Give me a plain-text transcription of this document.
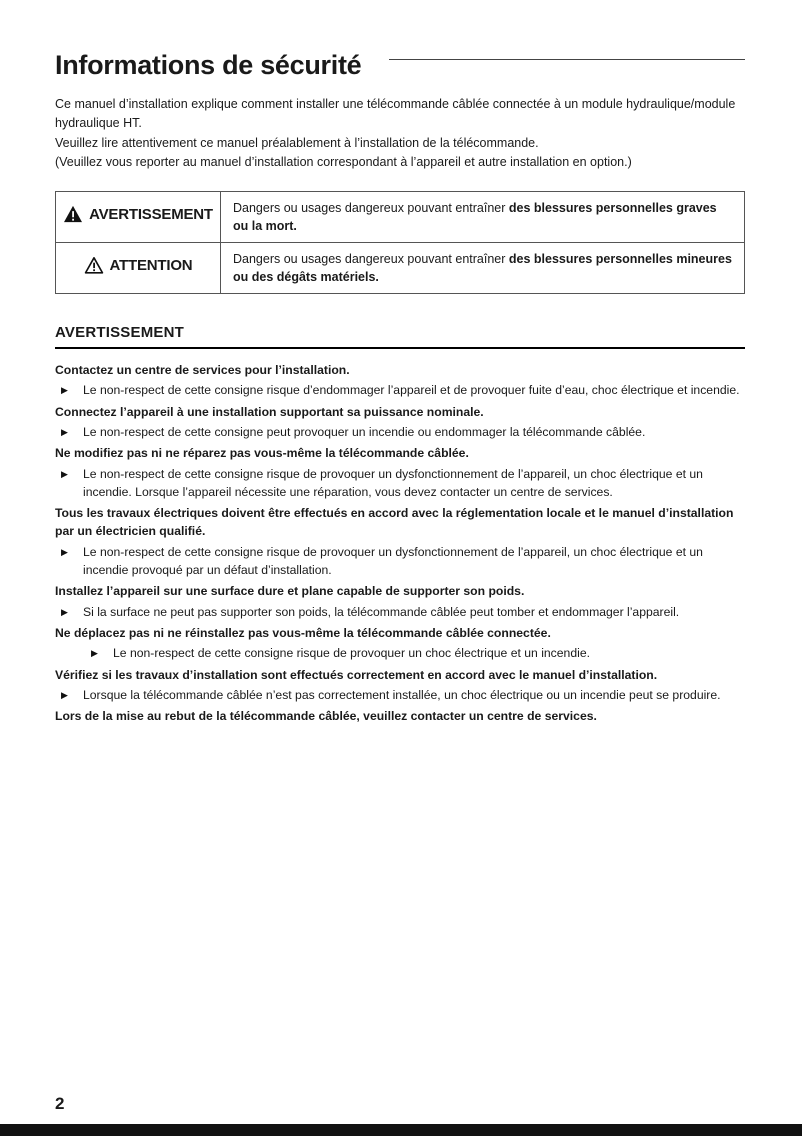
Informations de sécurité

Ce manuel d’installation explique comment installer une télécommande câblée connectée à un module hydraulique/module hydraulique HT.

Veuillez lire attentivement ce manuel préalablement à l’installation de la télécommande.

(Veuillez vous reporter au manuel d’installation correspondant à l’appareil et autre installation en option.)

AVERTISSEMENT	Dangers ou usages dangereux pouvant entraîner des blessures personnelles graves ou la mort.

ATTENTION	Dangers ou usages dangereux pouvant entraîner des blessures personnelles mineures ou des dégâts matériels.
AVERTISSEMENT
Contactez un centre de services pour l’installation.
▶	Le non-respect de cette consigne risque d’endommager l’appareil et de provoquer fuite d’eau, choc électrique et incendie.
Connectez l’appareil à une installation supportant sa puissance nominale.
▶	Le non-respect de cette consigne peut provoquer un incendie ou endommager la télécommande câblée.
Ne modifiez pas ni ne réparez pas vous-même la télécommande câblée.
▶	Le non-respect de cette consigne risque de provoquer un dysfonctionnement de l’appareil, un choc électrique et un incendie. Lorsque l’appareil nécessite une réparation, vous devez contacter un centre de services.
Tous les travaux électriques doivent être effectués en accord avec la réglementation locale et le manuel d’installation par un électricien qualifié.
▶	Le non-respect de cette consigne risque de provoquer un dysfonctionnement de l’appareil, un choc électrique et un incendie provoqué par un défaut d’installation.
Installez l’appareil sur une surface dure et plane capable de supporter son poids.
▶	Si la surface ne peut pas supporter son poids, la télécommande câblée peut tomber et endommager l’appareil.
Ne déplacez pas ni ne réinstallez pas vous-même la télécommande câblée connectée.
▶	Le non-respect de cette consigne risque de provoquer un choc électrique et un incendie.
Vérifiez si les travaux d’installation sont effectués correctement en accord avec le manuel d’installation.
▶	Lorsque la télécommande câblée n’est pas correctement installée, un choc électrique ou un incendie peut se produire.
Lors de la mise au rebut de la télécommande câblée, veuillez contacter un centre de services.
2
